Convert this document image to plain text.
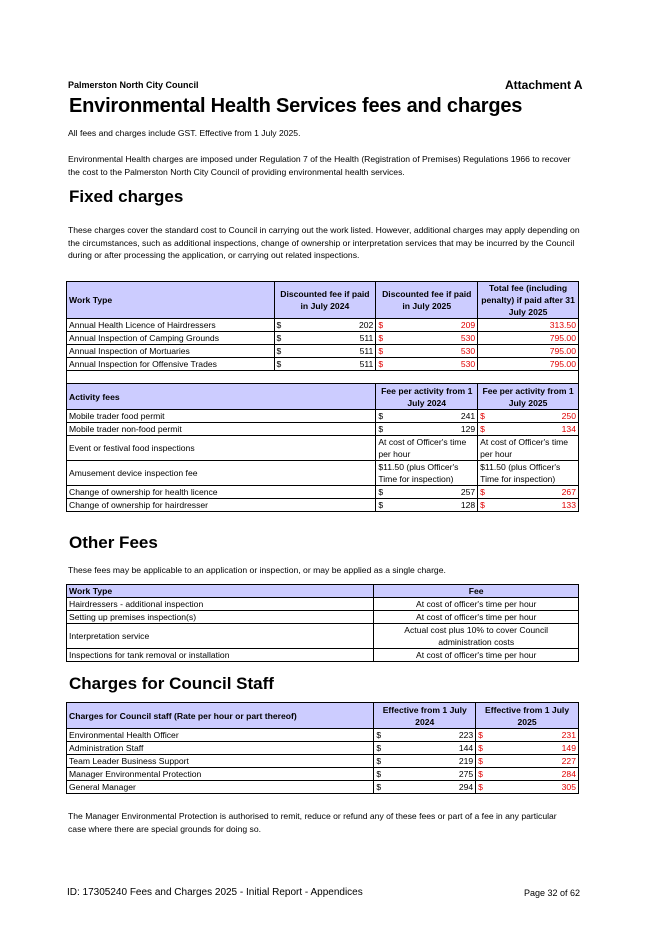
Palmerston North City Council	Attachment A
Environmental Health Services fees and charges
All fees and charges include GST. Effective from 1 July 2025.
Environmental Health charges are imposed under Regulation 7 of the Health (Registration of Premises) Regulations 1966 to recover the cost to the Palmerston North City Council of providing environmental health services.
Fixed charges
These charges cover the standard cost to Council in carrying out the work listed. However, additional charges may apply depending on the circumstances, such as additional inspections, change of ownership or interpretation services that may be incurred by the Council during or after processing the application, or carrying out related inspections.
Work Type	Discounted fee if paid in July 2024	Discounted fee if paid in July 2025	Total fee (including penalty) if paid after 31 July 2025
Annual Health Licence of Hairdressers	$ 202	$ 209	313.50

Annual Inspection of Camping Grounds	$ 511	$ 530	795.00

Annual Inspection of Mortuaries	$ 511	$ 530	795.00

Annual Inspection for Offensive Trades	$ 511	$ 530	795.00

Activity fees		Fee per activity from 1 July 2024	Fee per activity from 1 July 2025
Mobile trader food permit		$ 241	$ 250

Mobile trader non-food permit		$ 129	$ 134

Event or festival food inspections		At cost of Officer's time per hour	At cost of Officer's time per hour
Amusement device inspection fee		$11.50 (plus Officer's Time for inspection)	$11.50 (plus Officer's Time for inspection)
Change of ownership for health licence		$ 257	$ 267

Change of ownership for hairdresser		$ 128	$ 133
Other Fees
These fees may be applicable to an application or inspection, or may be applied as a single charge.
Work Type	Fee
Hairdressers - additional inspection	At cost of officer's time per hour
Setting up premises inspection(s)	At cost of officer's time per hour
Interpretation service	Actual cost plus 10% to cover Council administration costs
Inspections for tank removal or installation	At cost of officer's time per hour
Charges for Council Staff
Charges for Council staff (Rate per hour or part thereof)	Effective from 1 July 2024	Effective from 1 July 2025
Environmental Health Officer	$ 223	$ 231

Administration Staff	$ 144	$ 149

Team Leader Business Support	$ 219	$ 227

Manager Environmental Protection	$ 275	$ 284

General Manager	$ 294	$ 305
The Manager Environmental Protection is authorised to remit, reduce or refund any of these fees or part of a fee in any particular case where there are special grounds for doing so.
ID: 17305240 Fees and Charges 2025 - Initial Report - Appendices	Page 32 of 62
